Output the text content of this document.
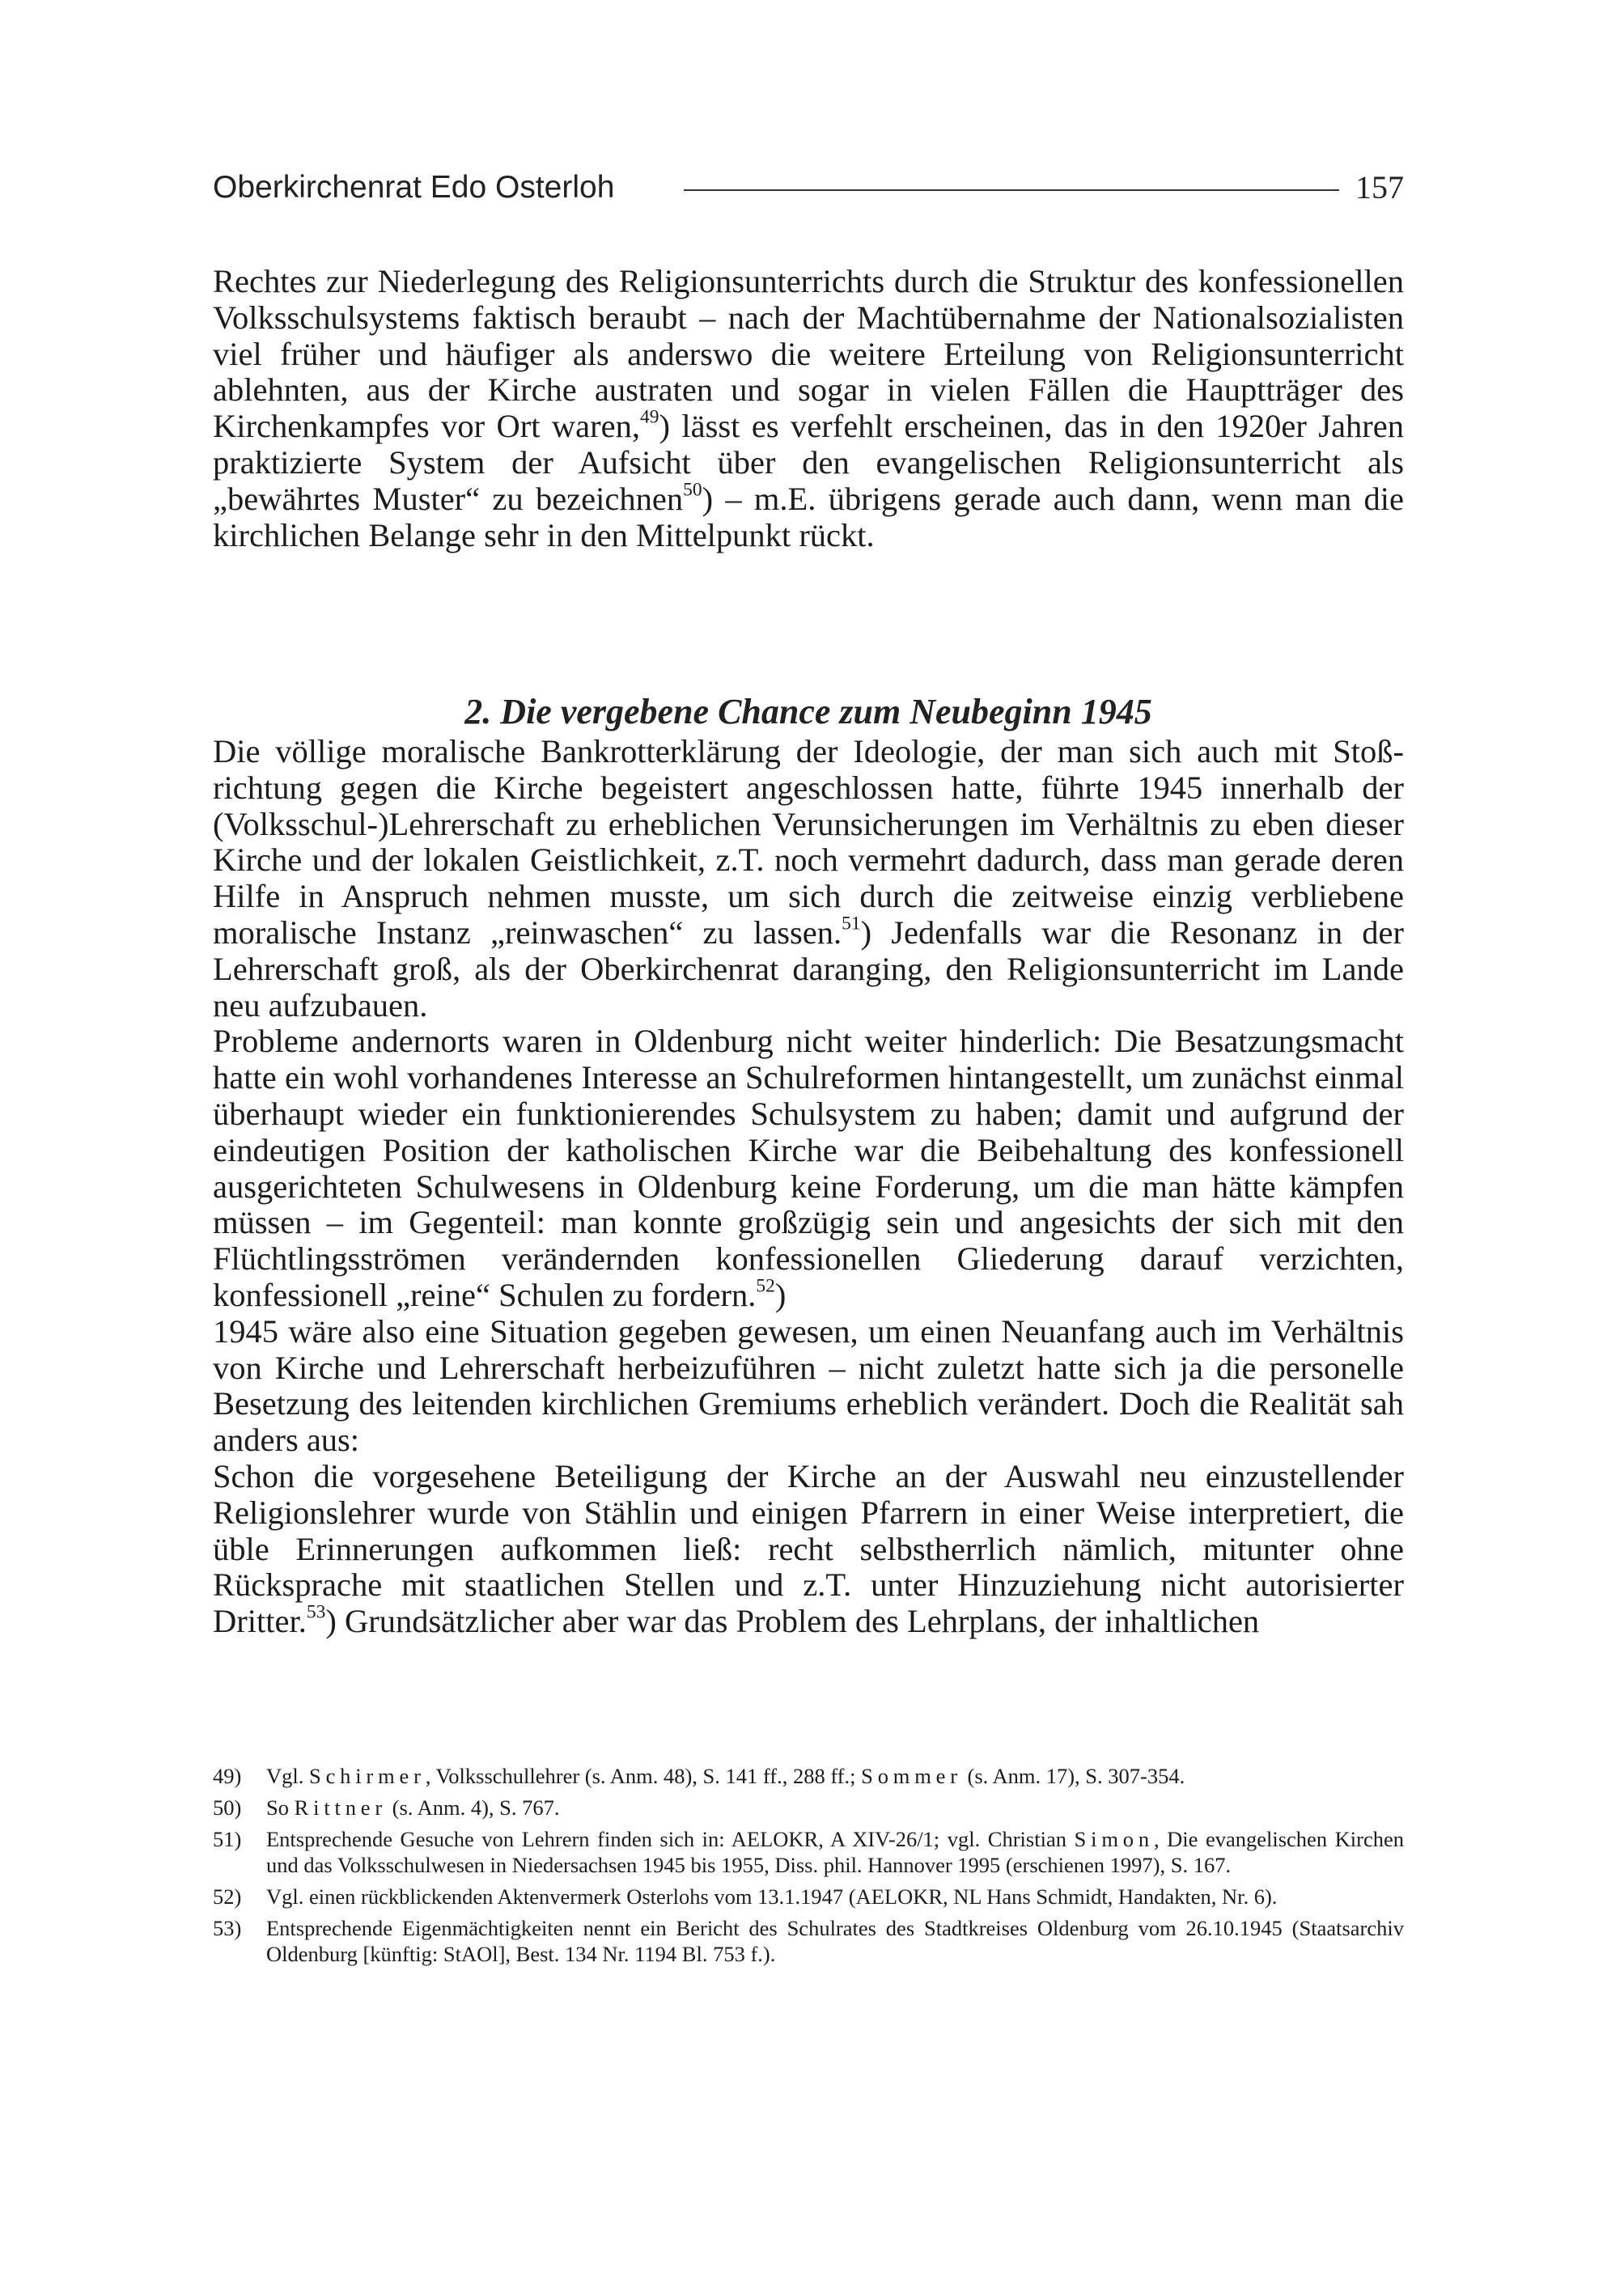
Oberkirchenrat Edo Osterloh	157

Rechtes zur Niederlegung des Religionsunterrichts durch die Struktur des konfessionellen Volksschulsystems faktisch beraubt – nach der Machtübernahme der Nationalsozialisten viel früher und häufiger als anderswo die weitere Erteilung von Religionsunterricht ablehnten, aus der Kirche austraten und sogar in vielen Fällen die Hauptträger des Kirchenkampfes vor Ort waren,$^{49}$) lässt es verfehlt erscheinen, das in den 1920er Jahren praktizierte System der Aufsicht über den evangelischen Religionsunterricht als „bewährtes Muster“ zu bezeichnen$^{50}$) – m.E. übrigens gerade auch dann, wenn man die kirchlichen Belange sehr in den Mittelpunkt rückt.

2. Die vergebene Chance zum Neubeginn 1945

Die völlige moralische Bankrotterklärung der Ideologie, der man sich auch mit Stoßrichtung gegen die Kirche begeistert angeschlossen hatte, führte 1945 innerhalb der (Volksschul-)Lehrerschaft zu erheblichen Verunsicherungen im Verhältnis zu eben dieser Kirche und der lokalen Geistlichkeit, z.T. noch vermehrt dadurch, dass man gerade deren Hilfe in Anspruch nehmen musste, um sich durch die zeitweise einzig verbliebene moralische Instanz „reinwaschen“ zu lassen.$^{51}$) Jedenfalls war die Resonanz in der Lehrerschaft groß, als der Oberkirchenrat daranging, den Religionsunterricht im Lande neu aufzubauen.

Probleme andernorts waren in Oldenburg nicht weiter hinderlich: Die Besatzungsmacht hatte ein wohl vorhandenes Interesse an Schulreformen hintangestellt, um zunächst einmal überhaupt wieder ein funktionierendes Schulsystem zu haben; damit und aufgrund der eindeutigen Position der katholischen Kirche war die Beibehaltung des konfessionell ausgerichteten Schulwesens in Oldenburg keine Forderung, um die man hätte kämpfen müssen – im Gegenteil: man konnte großzügig sein und angesichts der sich mit den Flüchtlingsströmen verändernden konfessionellen Gliederung darauf verzichten, konfessionell „reine“ Schulen zu fordern.$^{52}$)

1945 wäre also eine Situation gegeben gewesen, um einen Neuanfang auch im Verhältnis von Kirche und Lehrerschaft herbeizuführen – nicht zuletzt hatte sich ja die personelle Besetzung des leitenden kirchlichen Gremiums erheblich verändert. Doch die Realität sah anders aus:

Schon die vorgesehene Beteiligung der Kirche an der Auswahl neu einzustellender Religionslehrer wurde von Stählin und einigen Pfarrern in einer Weise interpretiert, die üble Erinnerungen aufkommen ließ: recht selbstherrlich nämlich, mitunter ohne Rücksprache mit staatlichen Stellen und z.T. unter Hinzuziehung nicht autorisierter Dritter.$^{53}$) Grundsätzlicher aber war das Problem des Lehrplans, der inhaltlichen

49)	Vgl. Schirmer, Volksschullehrer (s. Anm. 48), S. 141 ff., 288 ff.; Sommer (s. Anm. 17), S. 307-354.
50)	So Rittner (s. Anm. 4), S. 767.
51)	Entsprechende Gesuche von Lehrern finden sich in: AELOKR, A XIV-26/1; vgl. Christian Simon, Die evangelischen Kirchen und das Volksschulwesen in Niedersachsen 1945 bis 1955, Diss. phil. Hannover 1995 (erschienen 1997), S. 167.
52)	Vgl. einen rückblickenden Aktenvermerk Osterlohs vom 13.1.1947 (AELOKR, NL Hans Schmidt, Handakten, Nr. 6).
53)	Entsprechende Eigenmächtigkeiten nennt ein Bericht des Schulrates des Stadtkreises Oldenburg vom 26.10.1945 (Staatsarchiv Oldenburg [künftig: StAOl], Best. 134 Nr. 1194 Bl. 753 f.).
